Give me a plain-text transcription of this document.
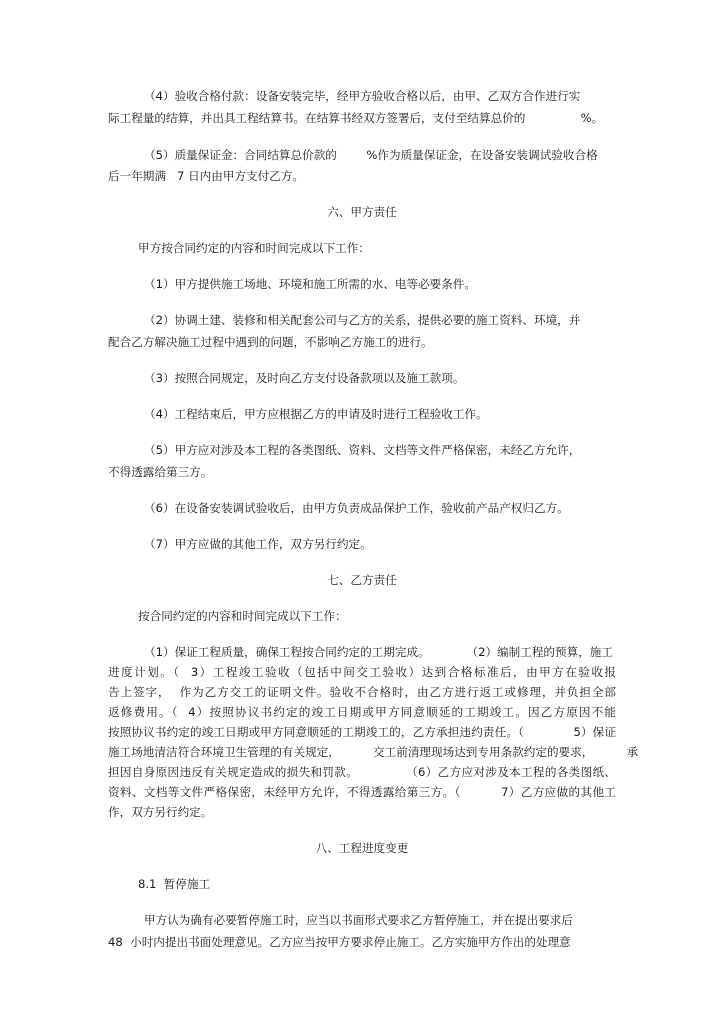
（4）验收合格付款：设备安装完毕，经甲方验收合格以后，由甲、乙双方合作进行实

际工程量的结算，并出具工程结算书。在结算书经双方签署后，支付至结算总价的               %。

（5）质量保证金：合同结算总价款的        %作为质量保证金，在设备安装调试验收合格

后一年期满   7 日内由甲方支付乙方。

六、甲方责任

甲方按合同约定的内容和时间完成以下工作：

（1）甲方提供施工场地、环境和施工所需的水、电等必要条件。

（2）协调土建、装修和相关配套公司与乙方的关系，提供必要的施工资料、环境，并

配合乙方解决施工过程中遇到的问题，不影响乙方施工的进行。

（3）按照合同规定，及时向乙方支付设备款项以及施工款项。

（4）工程结束后，甲方应根据乙方的申请及时进行工程验收工作。

（5）甲方应对涉及本工程的各类图纸、资料、文档等文件严格保密，未经乙方允许，

不得透露给第三方。

（6）在设备安装调试验收后，由甲方负责成品保护工作，验收前产品产权归乙方。

（7）甲方应做的其他工作，双方另行约定。

七、乙方责任

按合同约定的内容和时间完成以下工作：

（1）保证工程质量，确保工程按合同约定的工期完成。          （2）编制工程的预算，施工

进度计划。（  3）工程竣工验收（包括中间交工验收）达到合格标准后，由甲方在验收报

告上签字，  作为乙方交工的证明文件。验收不合格时，由乙方进行返工或修理，并负担全部

返修费用。（  4）按照协议书约定的竣工日期或甲方同意顺延的工期竣工。因乙方原因不能

按照协议书约定的竣工日期或甲方同意顺延的工期竣工的，乙方承担违约责任。（             5）保证

施工场地清洁符合环境卫生管理的有关规定，         交工前清理现场达到专用条款约定的要求，         承

担因自身原因违反有关规定造成的损失和罚款。            （6）乙方应对涉及本工程的各类图纸、

资料、文档等文件严格保密，未经甲方允许，不得透露给第三方。（          7）乙方应做的其他工

作，双方另行约定。

八、工程进度变更

8.1  暂停施工

甲方认为确有必要暂停施工时，应当以书面形式要求乙方暂停施工，并在提出要求后

48  小时内提出书面处理意见。乙方应当按甲方要求停止施工。乙方实施甲方作出的处理意
